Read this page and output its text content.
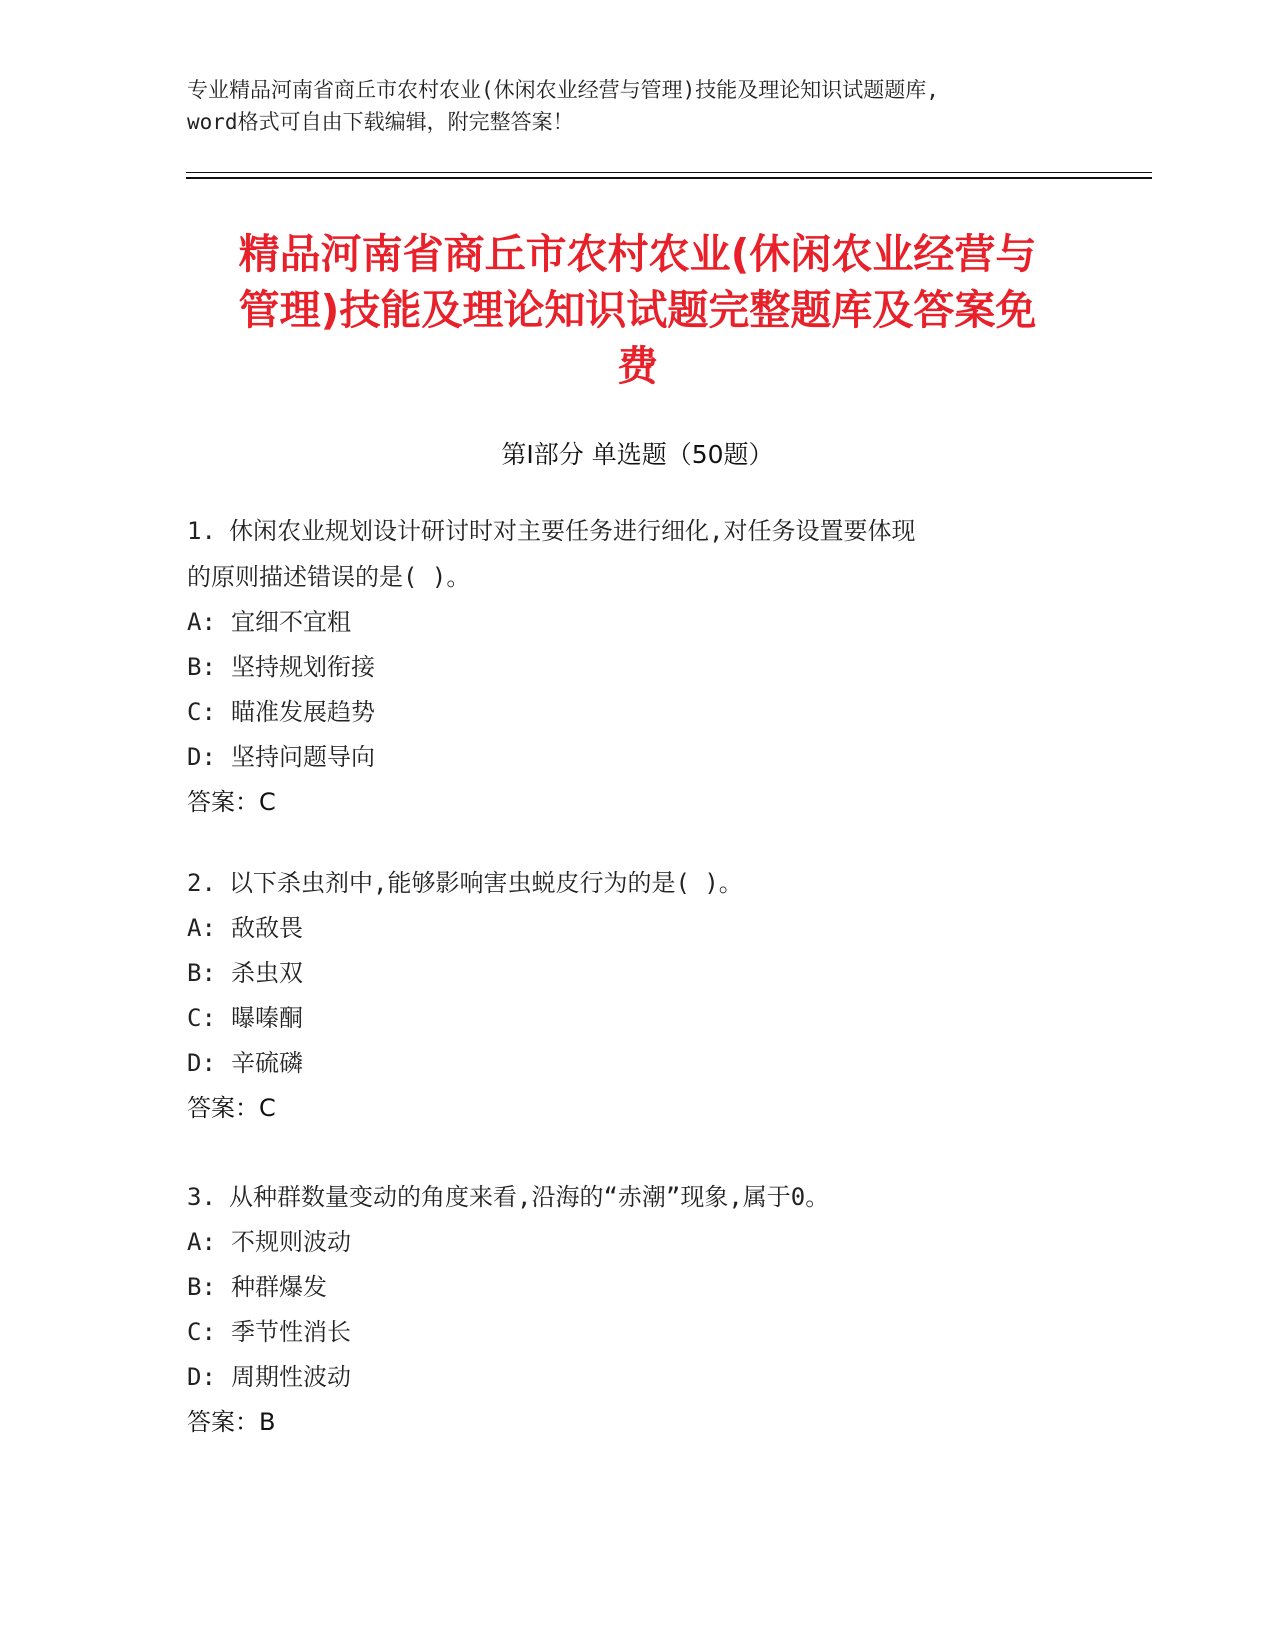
专业精品河南省商丘市农村农业(休闲农业经营与管理)技能及理论知识试题题库,
word格式可自由下载编辑，附完整答案！
精品河南省商丘市农村农业(休闲农业经营与
管理)技能及理论知识试题完整题库及答案免
费
第Ⅰ部分 单选题（50题）
1. 休闲农业规划设计研讨时对主要任务进行细化,对任务设置要体现
的原则描述错误的是( )。
A: 宜细不宜粗
B: 坚持规划衔接
C: 瞄准发展趋势
D: 坚持问题导向
答案：C
2. 以下杀虫剂中,能够影响害虫蜕皮行为的是( )。
A: 敌敌畏
B: 杀虫双
C: 曝嗪酮
D: 辛硫磷
答案：C
3. 从种群数量变动的角度来看,沿海的“赤潮”现象,属于0。
A: 不规则波动
B: 种群爆发
C: 季节性消长
D: 周期性波动
答案：B
